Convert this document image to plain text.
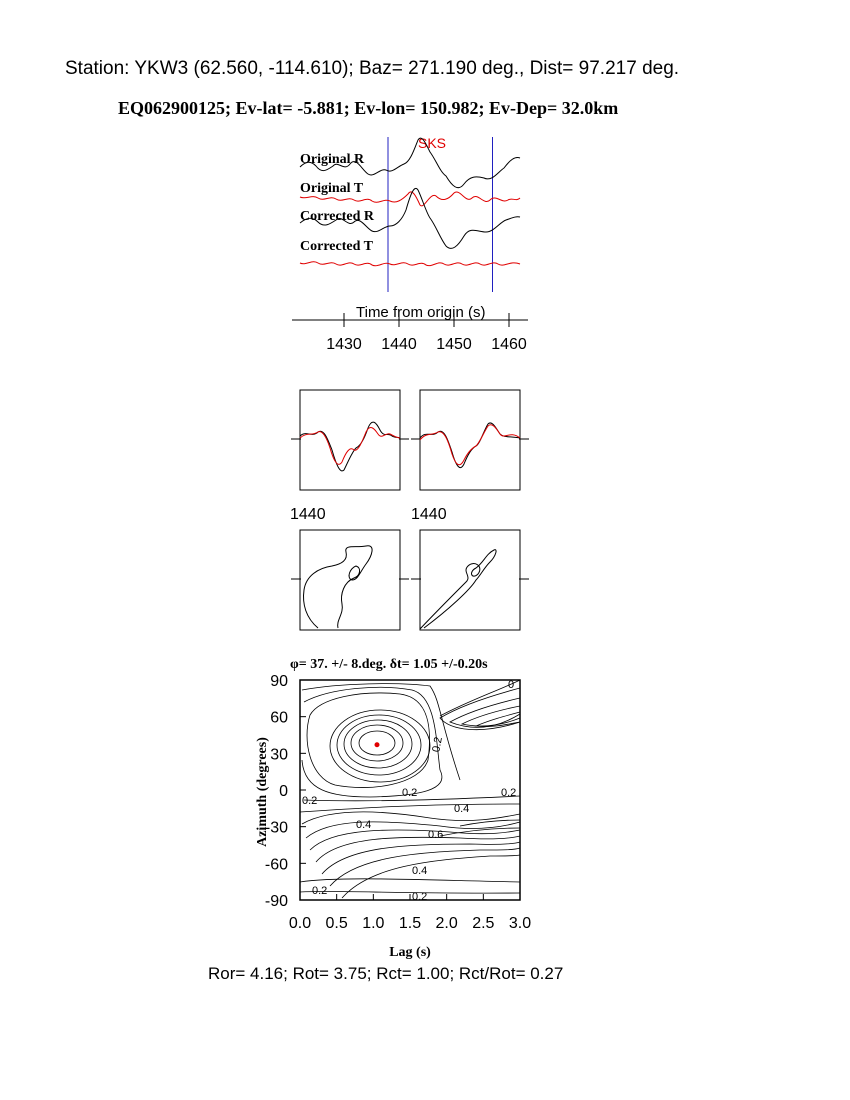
Station: YKW3 (62.560, -114.610); Baz= 271.190 deg., Dist= 97.217 deg.
EQ062900125; Ev-lat= -5.881; Ev-lon= 150.982; Ev-Dep= 32.0km
SKS
Original R
Original T
Corrected R
Corrected T
Time from origin (s)
1430 1440 1450 1460
1440	1440
φ= 37. +/- 8.deg. δt= 1.05 +/-0.20s
0
0.2
0.2
0.2
0.4
0.2
0.4
0.6
0.4
0.2	0.2
90
60
30
0
-30
-60
-90
0.0 0.5 1.0 1.5 2.0 2.5 3.0
Azimuth (degrees)
Lag (s)
Ror= 4.16; Rot= 3.75; Rct= 1.00; Rct/Rot= 0.27
